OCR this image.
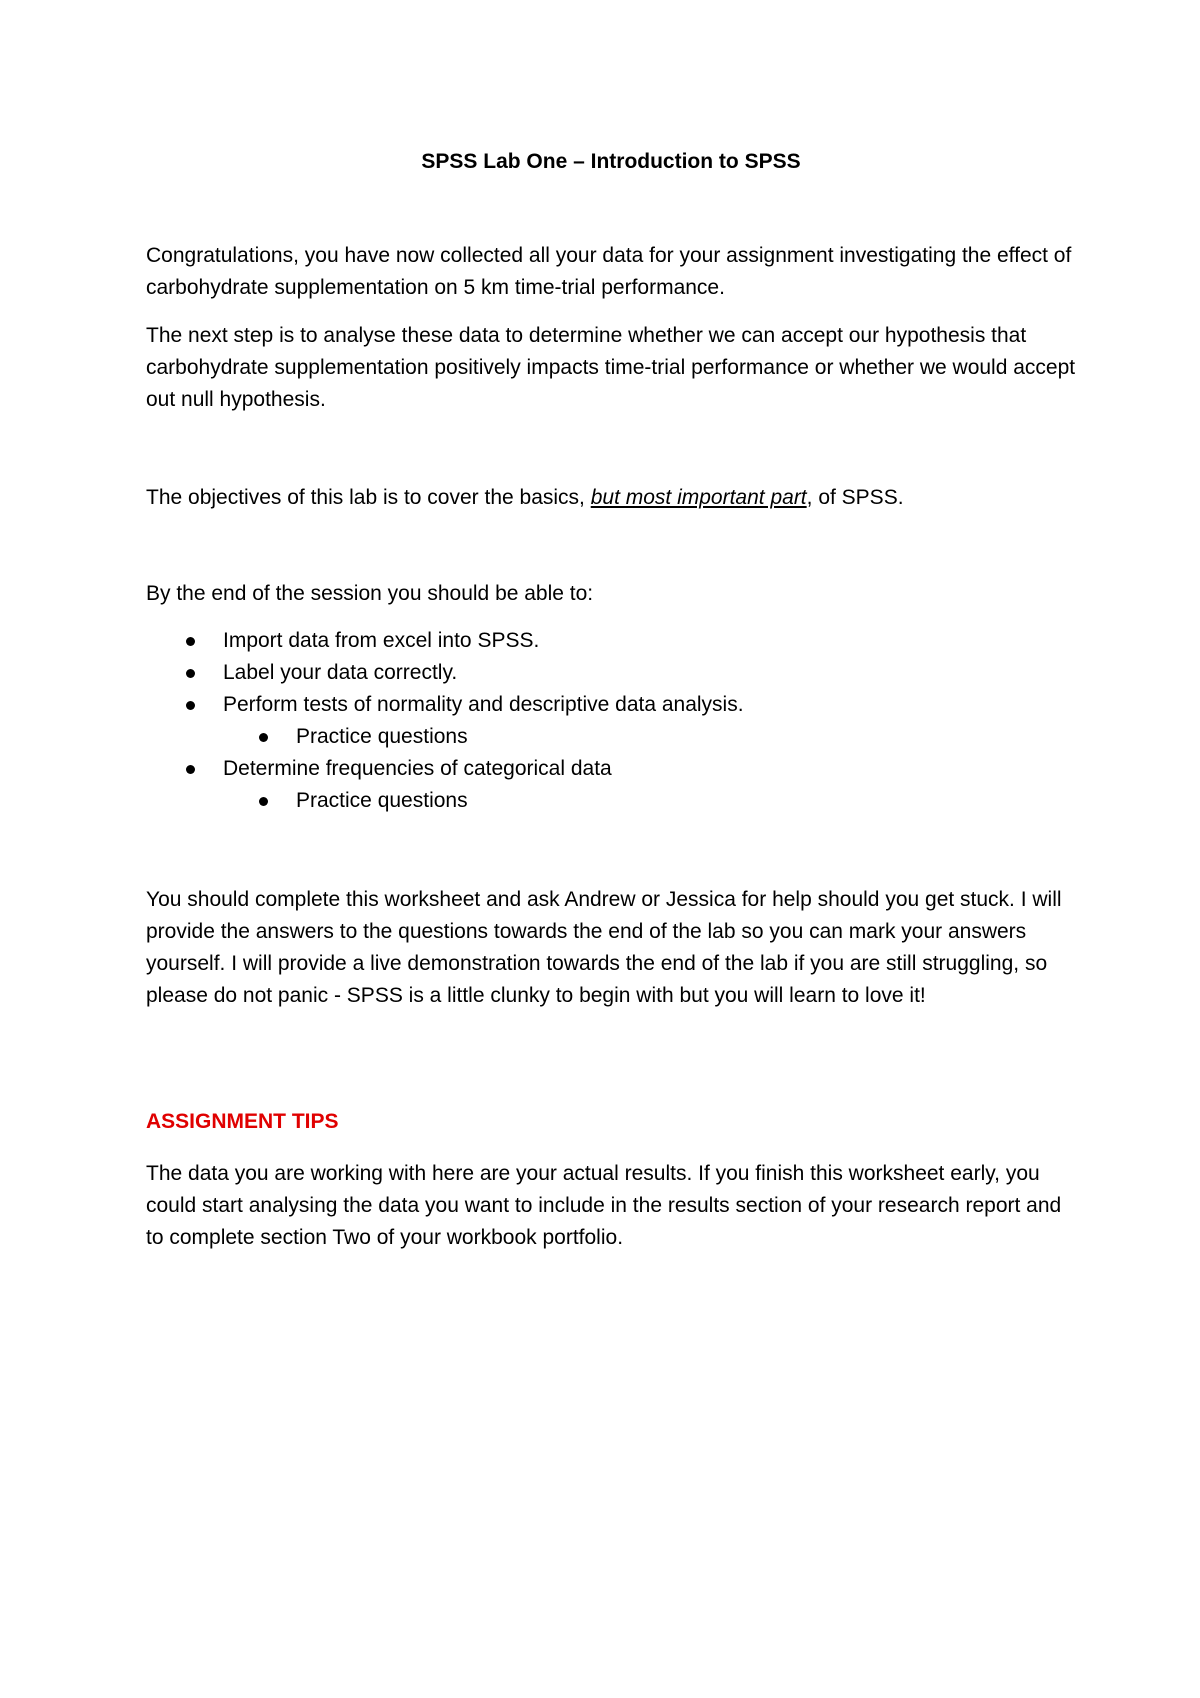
SPSS Lab One – Introduction to SPSS

Congratulations, you have now collected all your data for your assignment investigating the effect of carbohydrate supplementation on 5 km time-trial performance.

The next step is to analyse these data to determine whether we can accept our hypothesis that carbohydrate supplementation positively impacts time-trial performance or whether we would accept out null hypothesis.

The objectives of this lab is to cover the basics, but most important part, of SPSS.

By the end of the session you should be able to:

Import data from excel into SPSS.
Label your data correctly.
Perform tests of normality and descriptive data analysis.
Practice questions
Determine frequencies of categorical data
Practice questions

You should complete this worksheet and ask Andrew or Jessica for help should you get stuck. I will provide the answers to the questions towards the end of the lab so you can mark your answers yourself. I will provide a live demonstration towards the end of the lab if you are still struggling, so please do not panic - SPSS is a little clunky to begin with but you will learn to love it!

ASSIGNMENT TIPS

The data you are working with here are your actual results. If you finish this worksheet early, you could start analysing the data you want to include in the results section of your research report and to complete section Two of your workbook portfolio.
